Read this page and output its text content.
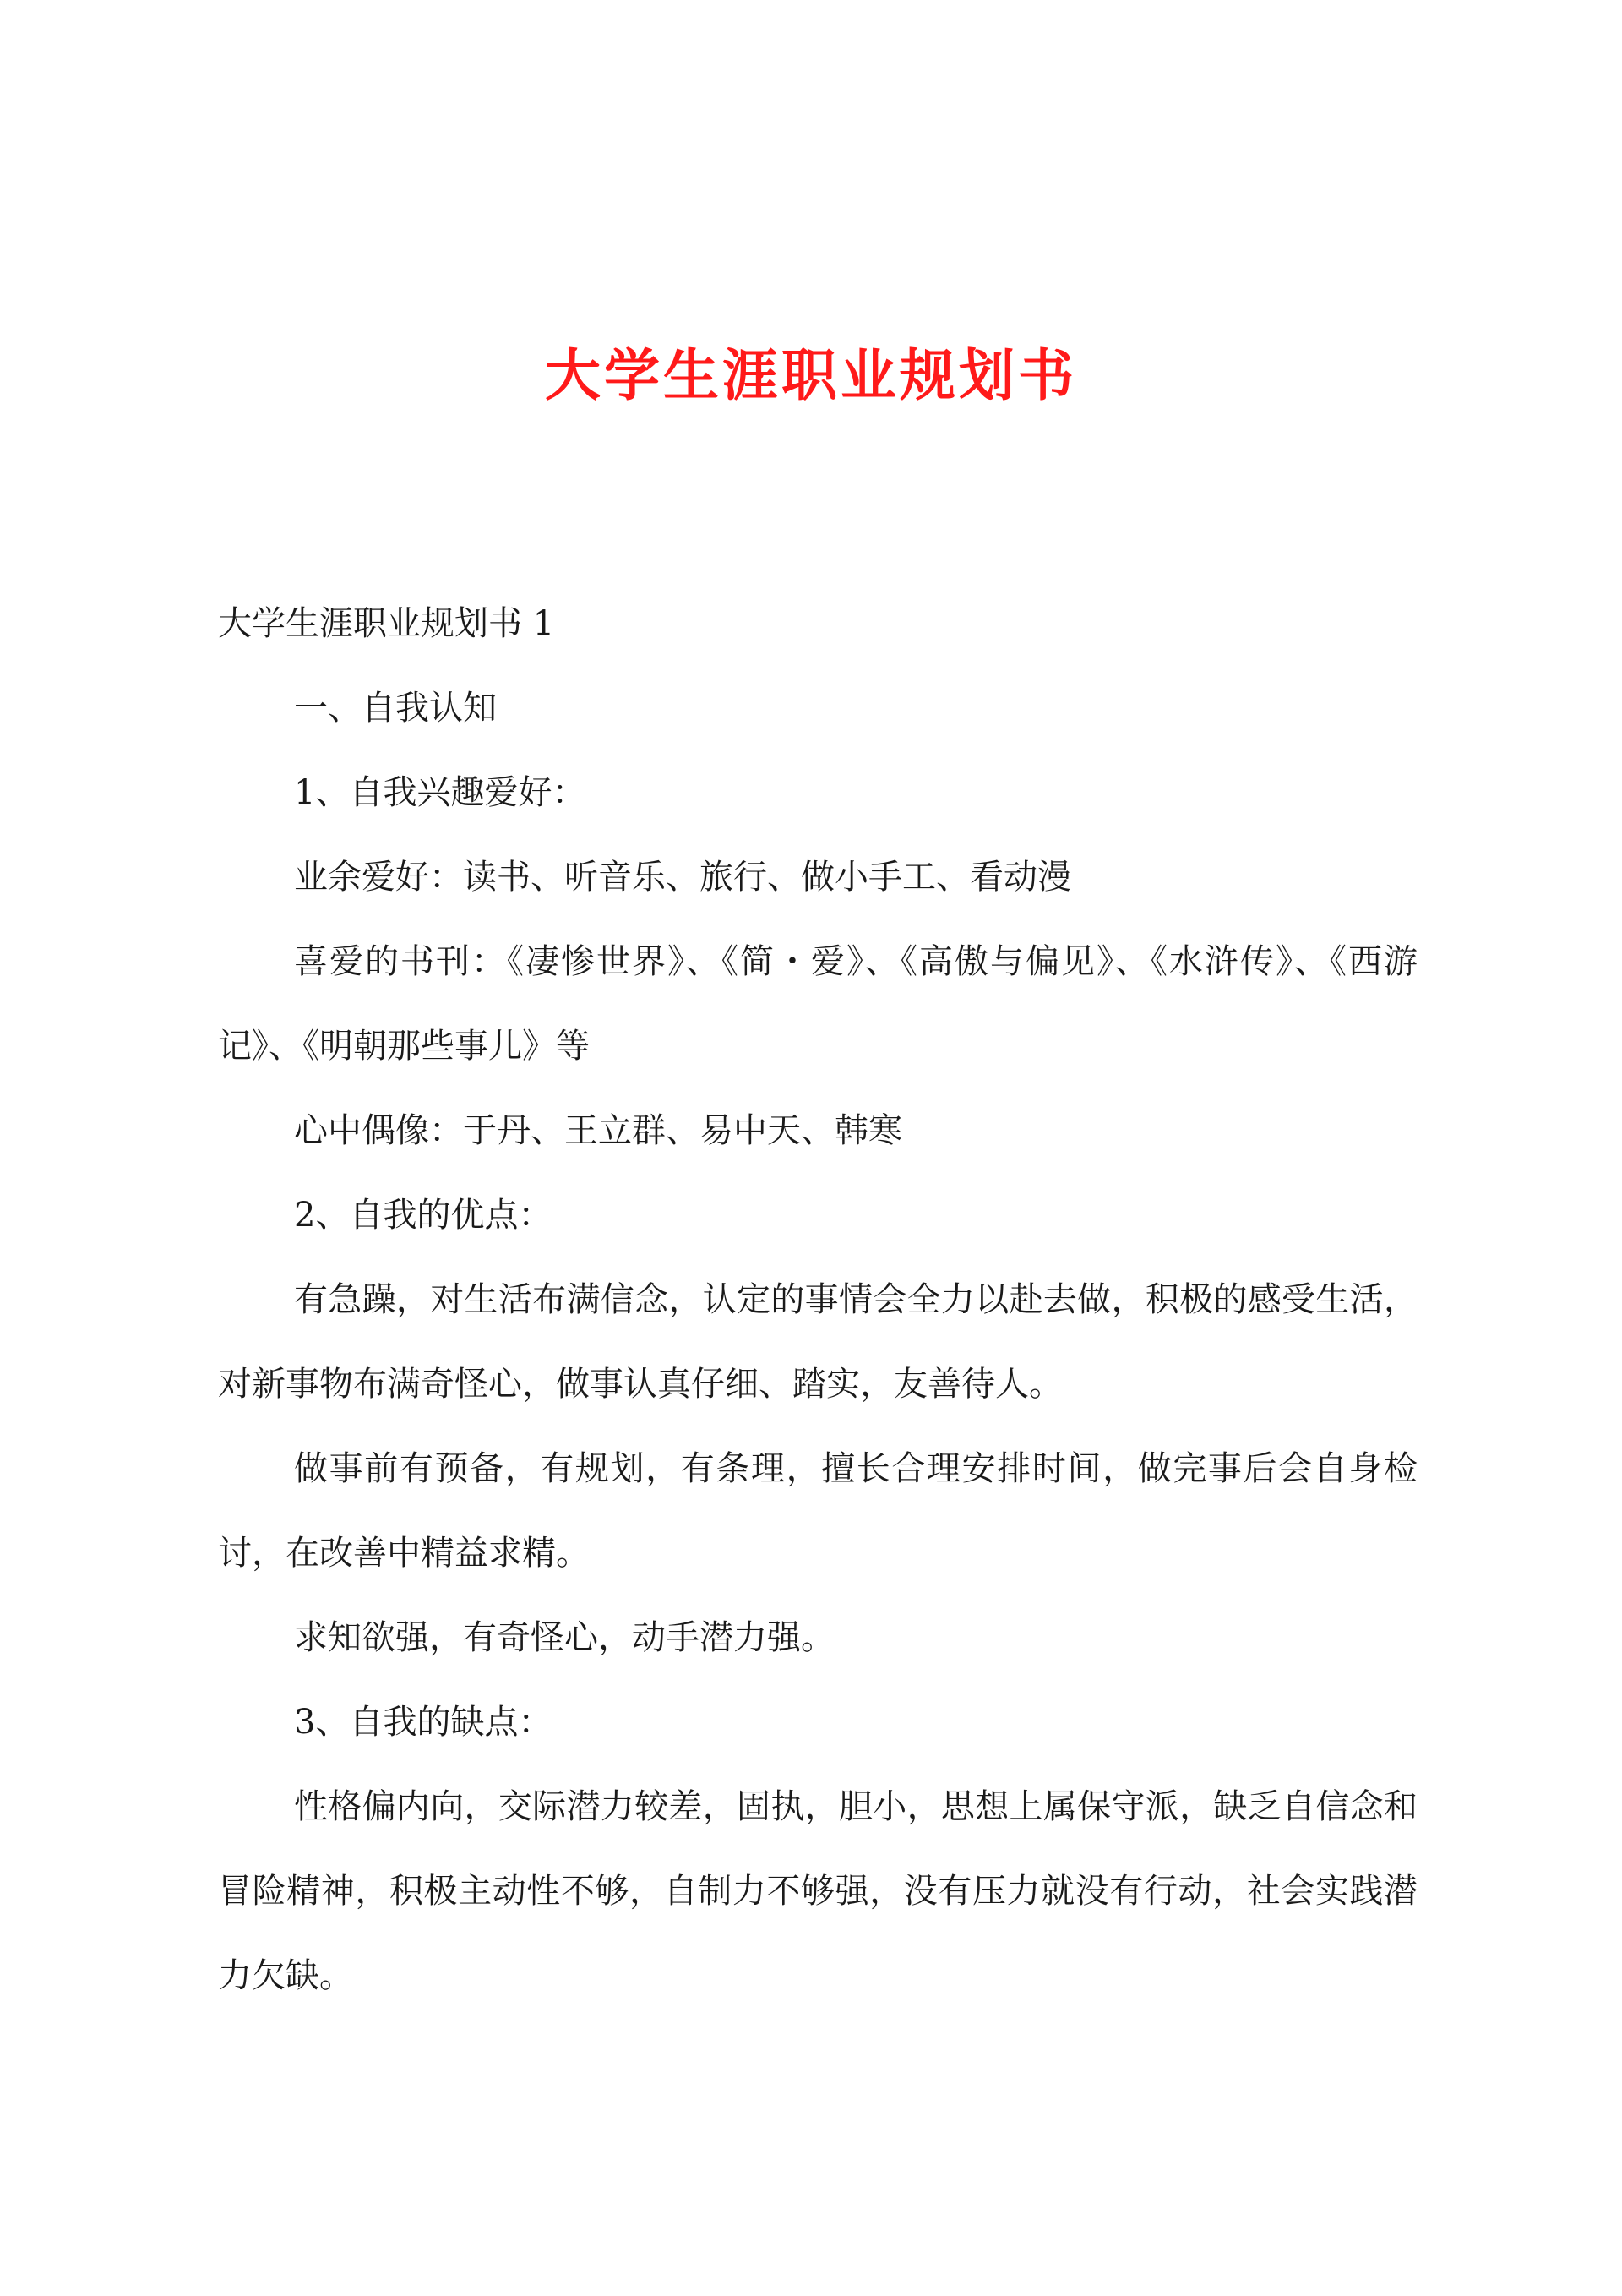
大学生涯职业规划书

大学生涯职业规划书 1

一、自我认知

1、自我兴趣爱好：

业余爱好：读书、听音乐、旅行、做小手工、看动漫

喜爱的书刊：《凄惨世界》、《简・爱》、《高傲与偏见》、《水浒传》、《西游记》、《明朝那些事儿》等

心中偶像：于丹、王立群、易中天、韩寒

2、自我的优点：

有急躁，对生活布满信念，认定的事情会全力以赴去做，积极的感受生活，对新事物布满奇怪心，做事认真仔细、踏实，友善待人。

做事前有预备，有规划，有条理，擅长合理安排时间，做完事后会自身检讨，在改善中精益求精。

求知欲强，有奇怪心，动手潜力强。

3、自我的缺点：

性格偏内向，交际潜力较差，固执，胆小，思想上属保守派，缺乏自信念和冒险精神，积极主动性不够，自制力不够强，没有压力就没有行动，社会实践潜力欠缺。
